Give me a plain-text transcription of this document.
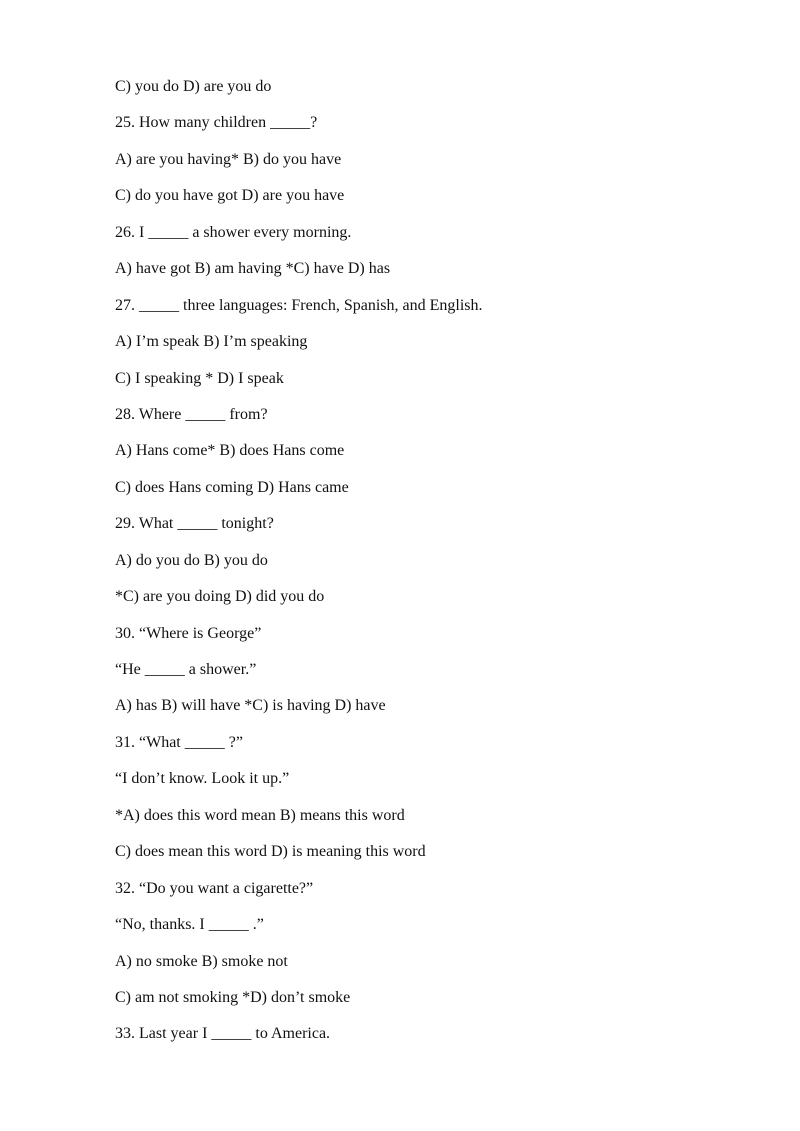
C) you do D) are you do
25. How many children _____?
A) are you having* B) do you have
C) do you have got D) are you have
26. I _____ a shower every morning.
A) have got B) am having *C) have D) has
27. _____ three languages: French, Spanish, and English.
A) I’m speak B) I’m speaking
C) I speaking * D) I speak
28. Where _____ from?
A) Hans come* B) does Hans come
C) does Hans coming D) Hans came
29. What _____ tonight?
A) do you do B) you do
*C) are you doing D) did you do
30. “Where is George”
“He _____ a shower.”
A) has B) will have *C) is having D) have
31. “What _____ ?”
“I don’t know. Look it up.”
*A) does this word mean B) means this word
C) does mean this word D) is meaning this word
32. “Do you want a cigarette?”
“No, thanks. I _____ .”
A) no smoke B) smoke not
C) am not smoking *D) don’t smoke
33. Last year I _____ to America.
